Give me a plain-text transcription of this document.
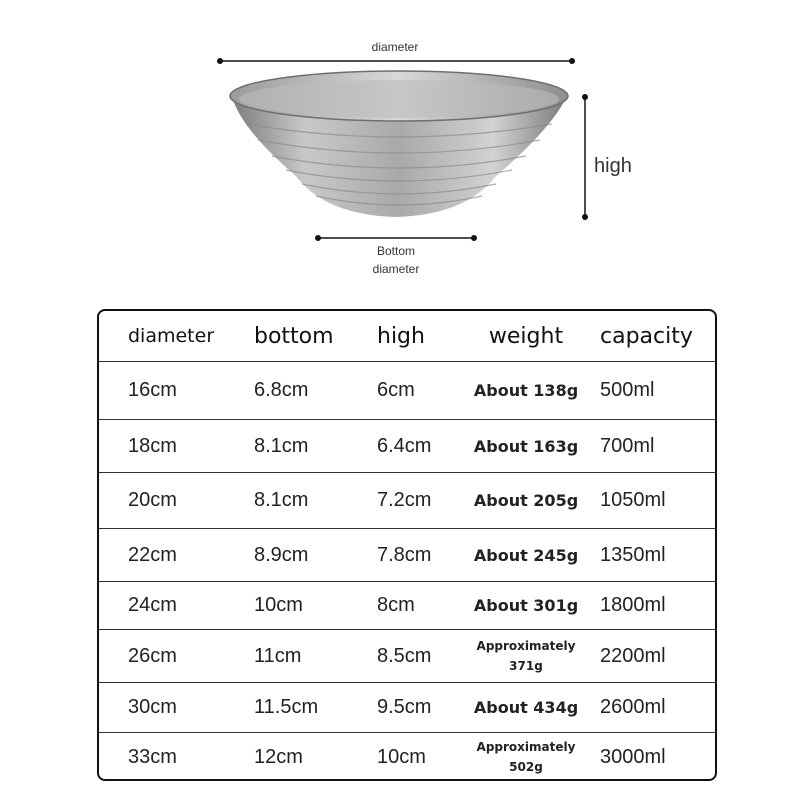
diameter
high
Bottom
diameter
diameter bottom high	weight	capacity
16cm	6.8cm	6cm	About 138g 500ml
18cm	8.1cm	6.4cm	About 163g 700ml
20cm	8.1cm	7.2cm	About 205g 1050ml
22cm	8.9cm	7.8cm	About 245g 1350ml
24cm	10cm	8cm	About 301g 1800ml
26cm	11cm	8.5cm	Approximately 371g	2200ml
30cm	11.5cm	9.5cm	About 434g 2600ml
33cm	12cm	10cm	Approximately 502g	3000ml
